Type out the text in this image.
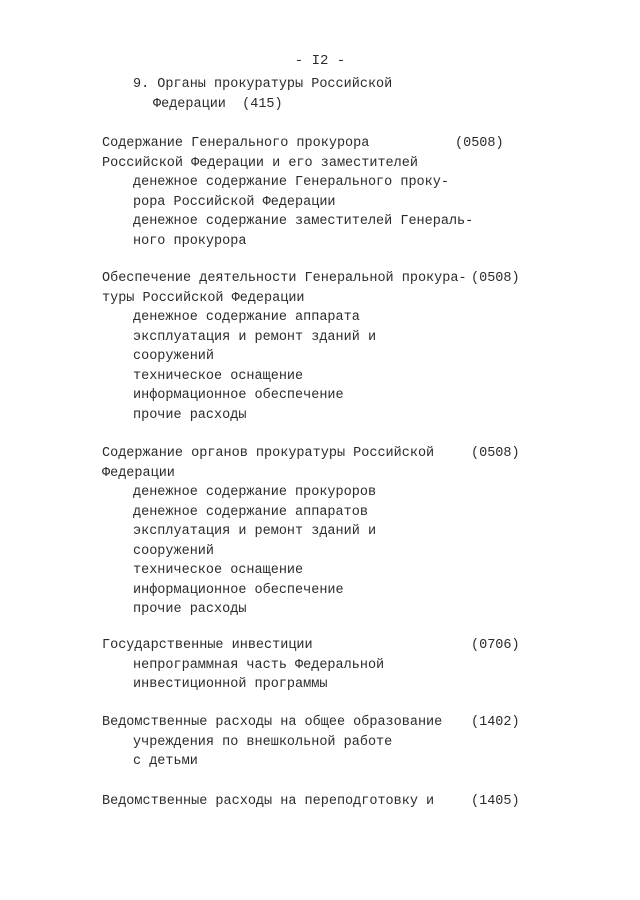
- I2 -
9. Органы прокуратуры Российской
Федерации  (415)
(0508)
Содержание Генерального прокурора
Российской Федерации и его заместителей
денежное содержание Генерального проку-
рора Российской Федерации
денежное содержание заместителей Генераль-
ного прокурора
(0508)
Обеспечение деятельности Генеральной прокура-
туры Российской Федерации
денежное содержание аппарата
эксплуатация и ремонт зданий и
сооружений
техническое оснащение
информационное обеспечение
прочие расходы
(0508)
Содержание органов прокуратуры Российской
Федерации
денежное содержание прокуроров
денежное содержание аппаратов
эксплуатация и ремонт зданий и
сооружений
техническое оснащение
информационное обеспечение
прочие расходы
(0706)
Государственные инвестиции
непрограммная часть Федеральной
инвестиционной программы
(1402)
Ведомственные расходы на общее образование
учреждения по внешкольной работе
с детьми
(1405)
Ведомственные расходы на переподготовку и
